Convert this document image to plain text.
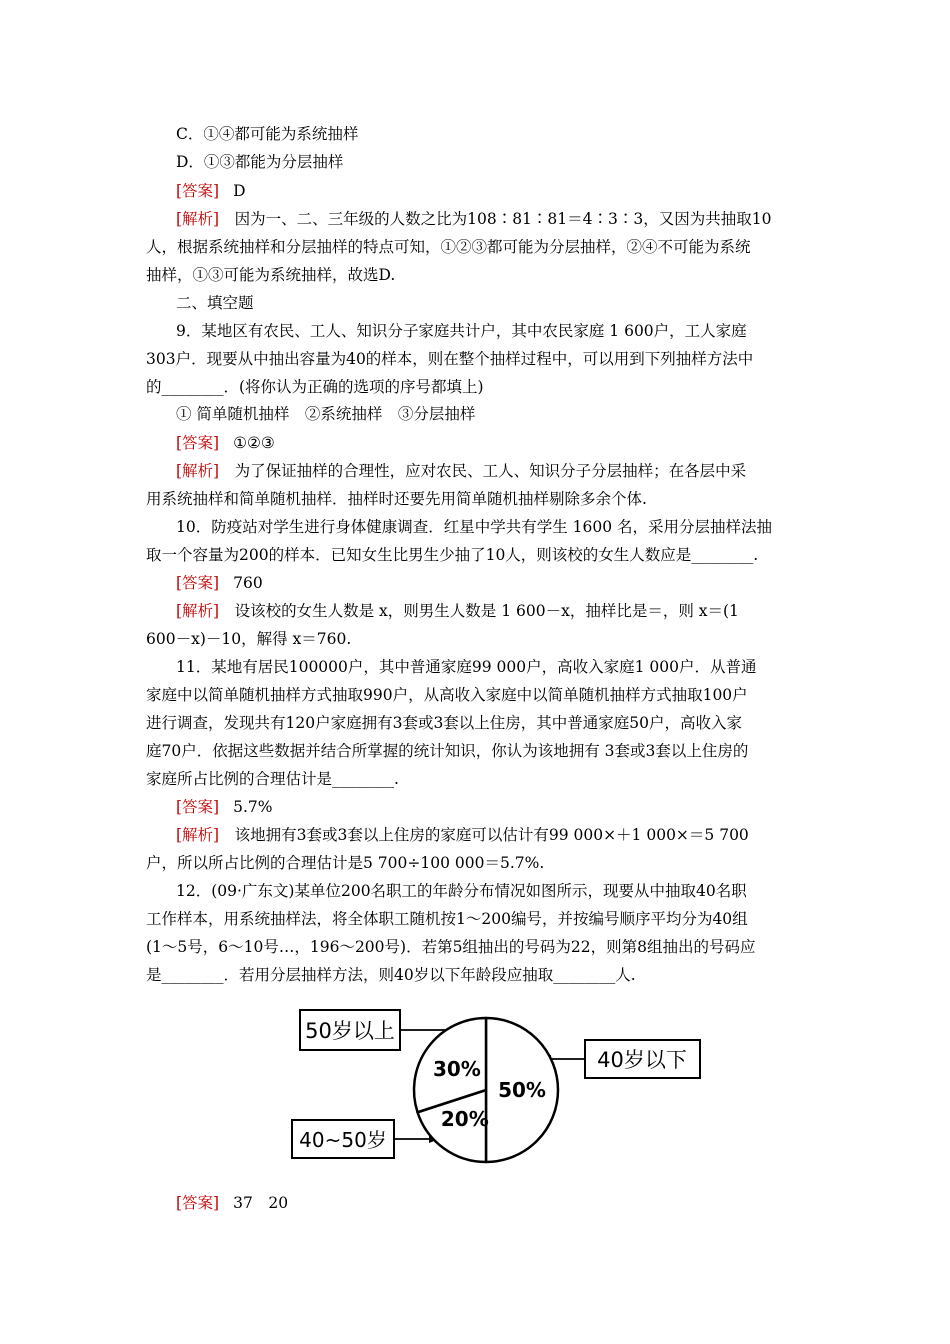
C．①④都可能为系统抽样
D．①③都能为分层抽样
[答案] D
[解析]　因为一、二、三年级的人数之比为108∶81∶81＝4∶3∶3，又因为共抽取10
人，根据系统抽样和分层抽样的特点可知，①②③都可能为分层抽样，②④不可能为系统
抽样，①③可能为系统抽样，故选D.
二、填空题
9．某地区有农民、工人、知识分子家庭共计户，其中农民家庭 1 600户，工人家庭
303户．现要从中抽出容量为40的样本，则在整个抽样过程中，可以用到下列抽样方法中
的________．(将你认为正确的选项的序号都填上)
① 简单随机抽样　②系统抽样　③分层抽样
[答案] ①②③
[解析]　为了保证抽样的合理性，应对农民、工人、知识分子分层抽样；在各层中采
用系统抽样和简单随机抽样．抽样时还要先用简单随机抽样剔除多余个体.
10．防疫站对学生进行身体健康调查．红星中学共有学生 1600 名，采用分层抽样法抽
取一个容量为200的样本．已知女生比男生少抽了10人，则该校的女生人数应是________.
[答案] 760
[解析]　设该校的女生人数是 x，则男生人数是 1 600－x，抽样比是＝，则 x＝(1
600－x)－10，解得 x＝760.
11．某地有居民100000户，其中普通家庭99 000户，高收入家庭1 000户．从普通
家庭中以简单随机抽样方式抽取990户，从高收入家庭中以简单随机抽样方式抽取100户
进行调查，发现共有120户家庭拥有3套或3套以上住房，其中普通家庭50户，高收入家
庭70户．依据这些数据并结合所掌握的统计知识，你认为该地拥有 3套或3套以上住房的
家庭所占比例的合理估计是________.
[答案] 5.7%
[解析]　该地拥有3套或3套以上住房的家庭可以估计有99 000×＋1 000×＝5 700
户，所以所占比例的合理估计是5 700÷100 000＝5.7%.
12．(09·广东文)某单位200名职工的年龄分布情况如图所示，现要从中抽取40名职
工作样本，用系统抽样法，将全体职工随机按1～200编号，并按编号顺序平均分为40组
(1～5号，6～10号…，196～200号)．若第5组抽出的号码为22，则第8组抽出的号码应
是________．若用分层抽样方法，则40岁以下年龄段应抽取________人.
50岁以上
40岁以下
40~50岁
50%
20%
30%
[答案] 37　20
